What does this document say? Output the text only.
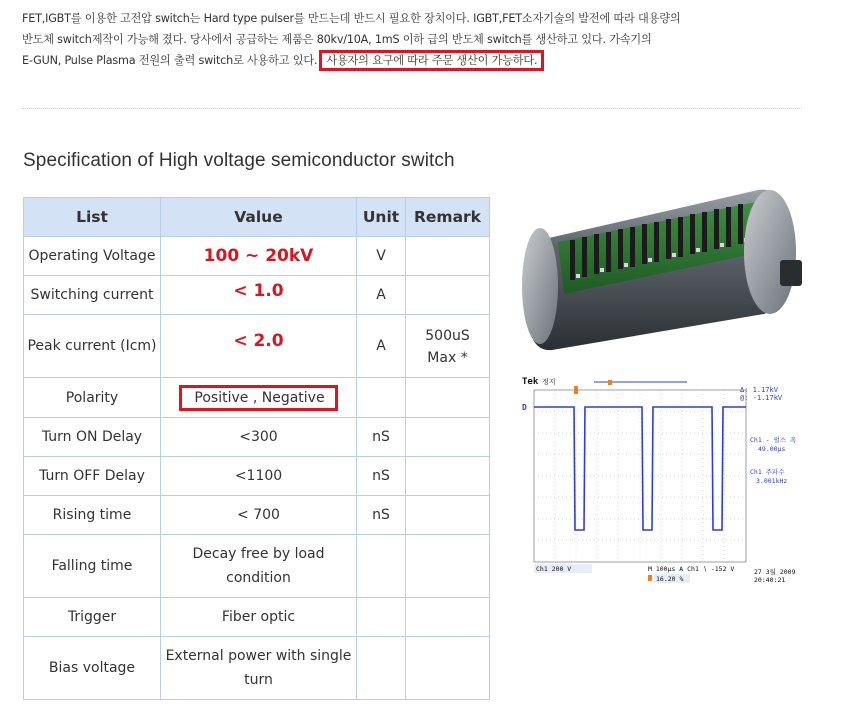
FET,IGBT를 이용한 고전압 switch는 Hard type pulser를 만드는데 반드시 필요한 장치이다. IGBT,FET소자기술의 발전에 따라 대용량의
반도체 switch제작이 가능해 졌다. 당사에서 공급하는 제품은 80kv/10A, 1mS 이하 급의 반도체 switch를 생산하고 있다. 가속기의
E-GUN, Pulse Plasma 전원의 출력 switch로 사용하고 있다. 사용자의 요구에 따라 주문 생산이 가능하다.
Specification of High voltage semiconductor switch
List	Value	Unit	Remark
Operating Voltage	100 ~ 20kV	V	
Switching current	< 1.0	A	
Peak current (Icm)	< 2.0	A	500uS Max *
Polarity	Positive , Negative		
Turn ON Delay	<300	nS	
Turn OFF Delay	<1100	nS	
Rising time	< 700	nS	
Falling time	Decay free by load condition		
Trigger	Fiber optic		
Bias voltage	External power with single turn		
Tek 정지
Δ: 1.17kV
@: -1.17kV
D
Ch1 - 펄스 폭
49.00μs
Ch1 주파수
3.001kHz
Ch1 200 V	M 100μs A Ch1 ∖ -152 V
16.20 %
27 3월 2009
20:40:21
